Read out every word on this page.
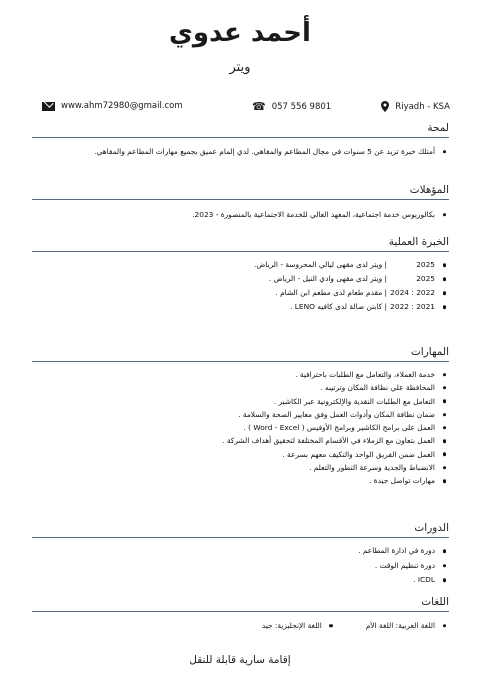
أحمد عدوي
ويتر
www.ahm72980@gmail.com	☎ 057 556 9801	Riyadh - KSA
لمحة
أمتلك خبرة تزيد عن 5 سنوات في مجال المطاعم والمقاهي. لدي إلمام عميق بجميع مهارات المطاعم والمقاهي.
المؤهلات
بكالوريوس خدمة اجتماعية، المعهد العالي للخدمة الاجتماعية بالمنصورة - 2023.
الخبرة العملية
2025| ويتر لدى مقهى ليالي المحروسة - الرياض.
2025| ويتر لدى مقهى وادي النيل - الرياض .
2022 : 2024| مقدم طعام لدى مطعم ابن الشام .
2021 : 2022| كابتن صالة لدى كافيه LENO .
المهارات
خدمة العملاء، والتعامل مع الطلبات باحترافية .
المحافظة علي نظافة المكان وترتيبه .
التعامل مع الطلبات النقدية والإلكترونية عبر الكاشير .
ضمان نظافة المكان وأدوات العمل وفق معايير الصحة والسلامة .
العمل على برامج الكاشير وبرامج الأوفيس ( Word - Excel ) .
العمل بتعاون مع الزملاء في الأقسام المختلفة لتحقيق أهداف الشركة .
العمل ضمن الفريق الواحد والتكيف معهم بسرعة .
الانضباط والجدية وسرعة التطور والتعلم .
مهارات تواصل جيدة .
الدورات
دورة في ادارة المطاعم .
دورة تنظيم الوقت .
ICDL .
اللغات
اللغة العربية: اللغة الأم
اللغة الإنجليزية: جيد
إقامة سارية قابلة للنقل
